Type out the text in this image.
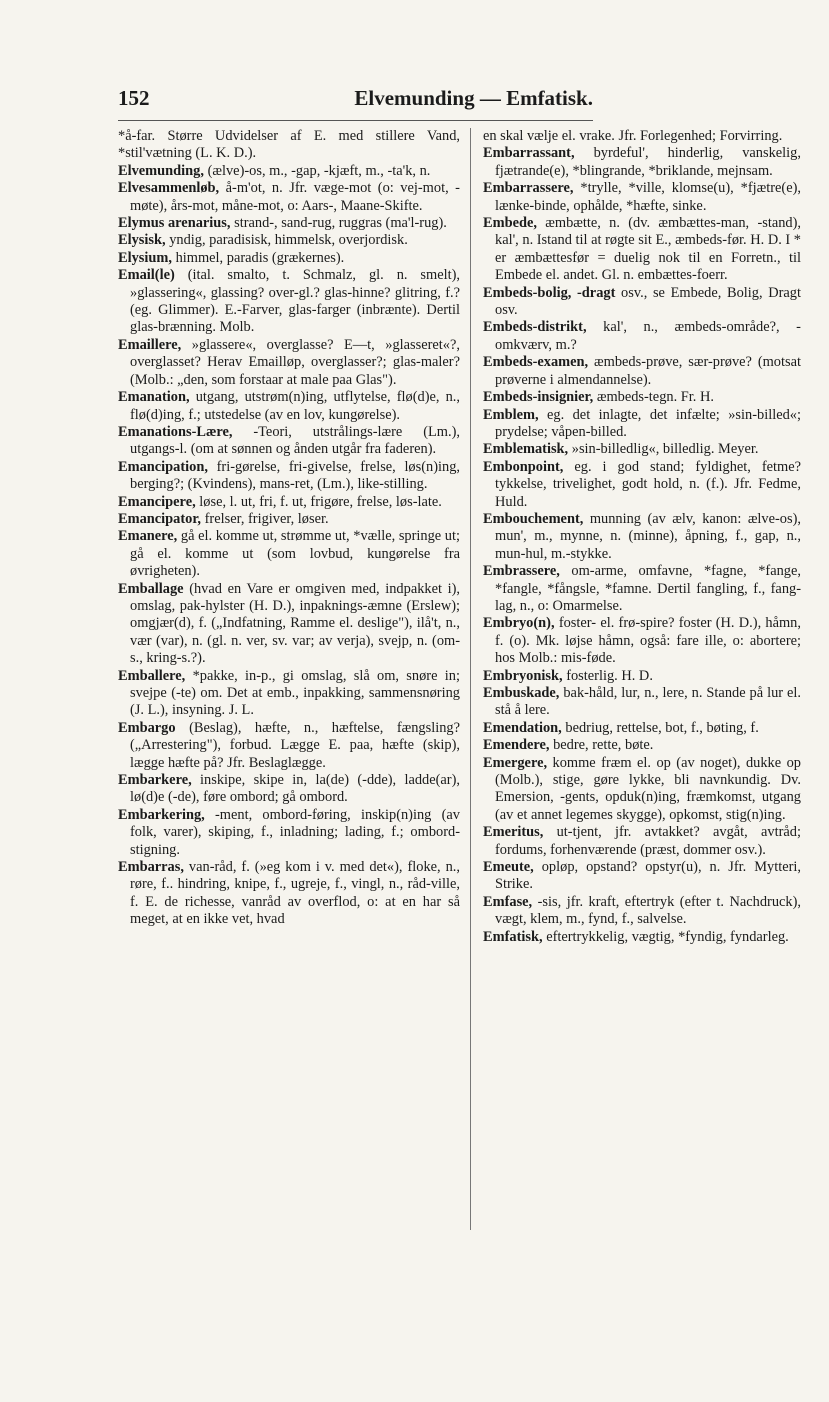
152	Elvemunding — Emfatisk.

*å-far. Større Udvidelser af E. med stillere Vand, *stil'vætning (L. K. D.).

Elvemunding, (ælve)-os, m., -gap, -kjæft, m., -ta'k, n.

Elvesammenløb, å-m'ot, n. Jfr. væge-mot (o: vej-mot, -møte), års-mot, måne-mot, o: Aars-, Maane-Skifte.

Elymus arenarius, strand-, sand-rug, ruggras (ma'l-rug).

Elysisk, yndig, paradisisk, himmelsk, overjordisk.

Elysium, himmel, paradis (grækernes).

Email(le) (ital. smalto, t. Schmalz, gl. n. smelt), »glassering«, glassing? over-gl.? glas-hinne? glitring, f.? (eg. Glimmer). E.-Farver, glas-farger (inbrænte). Dertil glas-brænning. Molb.

Emaillere, »glassere«, overglasse? E—t, »glasseret«?, overglasset? Herav Emailløр, overglasser?; glas-maler? (Molb.: „den, som forstaar at male paa Glas").

Emanation, utgang, utstrøm(n)ing, utflytelse, flø(d)e, n., flø(d)ing, f.; utstedelse (av en lov, kungørelse).

Emanations-Lære, -Teori, utstrålings-lære (Lm.), utgangs-l. (om at sønnen og ånden utgår fra faderen).

Emancipation, fri-gørelse, fri-givelse, frelse, løs(n)ing, berging?; (Kvindens), mans-ret, (Lm.), like-stilling.

Emancipere, løse, l. ut, fri, f. ut, frigøre, frelse, løs-late.

Emancipator, frelser, frigiver, løser.

Emanere, gå el. komme ut, strømme ut, *vælle, springe ut; gå el. komme ut (som lovbud, kungørelse fra øvrigheten).

Emballage (hvad en Vare er omgiven med, indpakket i), omslag, pak-hylster (H. D.), inpaknings-æmne (Erslew); omgjær(d), f. („Indfatning, Ramme el. deslige"), ilå't, n., vær (var), n. (gl. n. ver, sv. var; av verja), svejp, n. (om-s., kring-s.?).

Emballere, *pakke, in-p., gi omslag, slå om, snøre in; svejpe (-te) om. Det at emb., inpakking, sammensnøring (J. L.), insyning. J. L.

Embargo (Beslag), hæfte, n., hæftelse, fængsling? („Arrestering"), forbud. Lægge E. paa, hæfte (skip), lægge hæfte på? Jfr. Beslaglægge.

Embarkere, inskipe, skipe in, la(de) (-dde), ladde(ar), lø(d)e (-de), føre ombord; gå ombord.

Embarkering, -ment, ombord-føring, inskip(n)ing (av folk, varer), skiping, f., inladning; lading, f.; ombord-stigning.

Embarras, van-råd, f. (»eg kom i v. med det«), floke, n., røre, f.. hindring, knipe, f., ugreje, f., vingl, n., råd-ville, f. E. de richesse, vanråd av overflod, o: at en har så meget, at en ikke vet, hvad

en skal vælje el. vrake. Jfr. Forlegenhed; Forvirring.

Embarrassant, byrdeful', hinderlig, vanskelig, fjætrande(e), *blingrande, *briklande, mejnsam.

Embarrassere, *trylle, *ville, klomse(u), *fjætre(e), lænke-binde, ophålde, *hæfte, sinke.

Embede, æmbætte, n. (dv. æmbættes-man, -stand), kal', n. Istand til at røgte sit E., æmbeds-før. H. D. I * er æmbættesfør = duelig nok til en Forretn., til Embede el. andet. Gl. n. embættes-foerr.

Embeds-bolig, -dragt osv., se Embede, Bolig, Dragt osv.

Embeds-distrikt, kal', n., æmbeds-område?, -omkværv, m.?

Embeds-examen, æmbeds-prøve, sær-prøve? (motsat prøverne i almendannelse).

Embeds-insignier, æmbeds-tegn. Fr. H.

Emblem, eg. det inlagte, det infælte; »sin-billed«; prydelse; våpen-billed.

Emblematisk, »sin-billedlig«, billedlig. Meyer.

Embonpoint, eg. i god stand; fyldighet, fetme? tykkelse, trivelighet, godt hold, n. (f.). Jfr. Fedme, Huld.

Embouchement, munning (av ælv, kanon: ælve-os), mun', m., mynne, n. (minne), åpning, f., gap, n., mun-hul, m.-stykke.

Embrassere, om-arme, omfavne, *fagne, *fange, *fangle, *fångsle, *famne. Dertil fangling, f., fang-lag, n., o: Omarmelse.

Embryo(n), foster- el. frø-spire? foster (H. D.), håmn, f. (o). Mk. løjse håmn, også: fare ille, o: abortere; hos Molb.: mis-føde.

Embryonisk, fosterlig. H. D.

Embuskade, bak-håld, lur, n., lere, n. Stande på lur el. stå å lere.

Emendation, bedriug, rettelse, bot, f., bøting, f.

Emendere, bedre, rette, bøte.

Emergere, komme fræm el. op (av noget), dukke op (Molb.), stige, gøre lykke, bli navnkundig. Dv. Emersion, -gents, opduk(n)ing, fræmkomst, utgang (av et annet legemes skygge), opkomst, stig(n)ing.

Emeritus, ut-tjent, jfr. avtakket? avgåt, avtråd; fordums, forhenværende (præst, dommer osv.).

Emeute, opløp, opstand? opstyr(u), n. Jfr. Mytteri, Strike.

Emfase, -sis, jfr. kraft, eftertryk (efter t. Nachdruck), vægt, klem, m., fynd, f., salvelse.

Emfatisk, eftertrykkelig, vægtig, *fyndig, fyndarleg.
